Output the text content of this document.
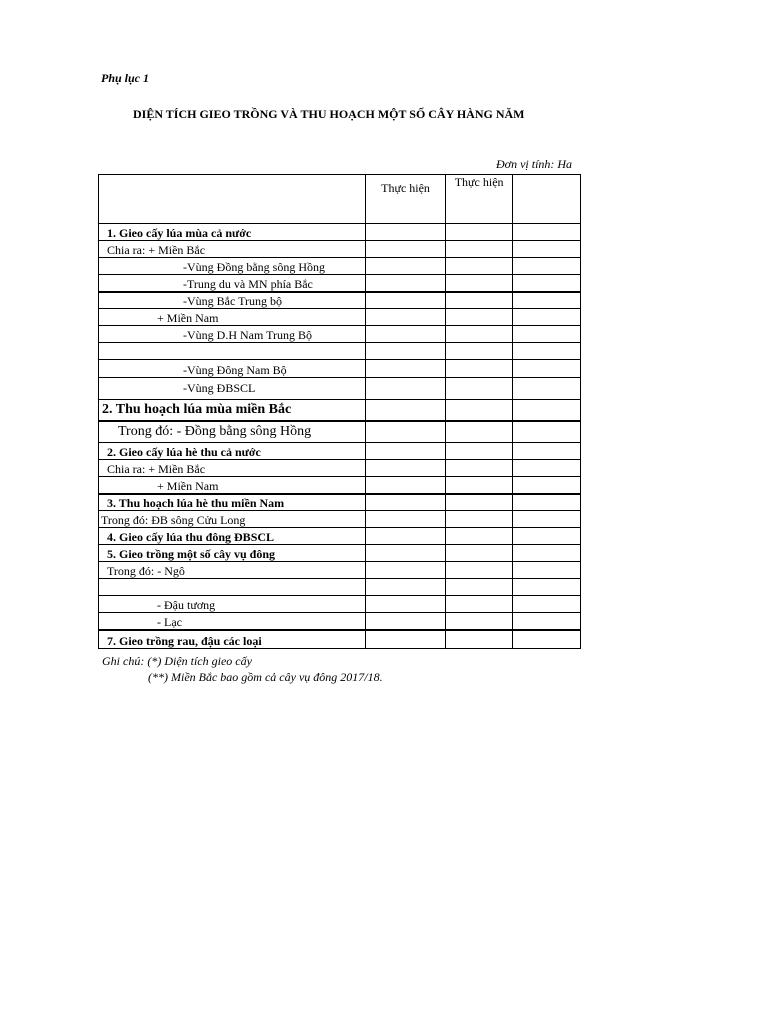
Phụ lục 1
DIỆN TÍCH GIEO TRỒNG VÀ THU HOẠCH MỘT SỐ CÂY HÀNG NĂM
Đơn vị tính: Ha
	Thực hiện	Thực hiện	
1. Gieo cấy lúa mùa cả nước			
Chia ra: + Miền Bắc			
-Vùng Đồng bằng sông Hồng			
-Trung du và MN phía Bắc			
-Vùng Bắc Trung bộ			
+ Miền Nam			
-Vùng D.H Nam Trung Bộ			

-Vùng Đông Nam Bộ			
-Vùng ĐBSCL			
2. Thu hoạch lúa mùa miền Bắc			
Trong đó: - Đồng bằng sông Hồng			
2. Gieo cấy lúa hè thu cả nước			
Chia ra: + Miền Bắc			
+ Miền Nam			
3. Thu hoạch lúa hè thu miền Nam			
Trong đó: ĐB sông Cửu Long			
4. Gieo cấy lúa thu đông ĐBSCL			
5. Gieo trồng một số cây vụ đông			
Trong đó: - Ngô			

- Đậu tương			
- Lạc			
7. Gieo trồng rau, đậu các loại			
Ghi chú: (*) Diện tích gieo cấy
(**) Miền Bắc bao gồm cả cây vụ đông 2017/18.
